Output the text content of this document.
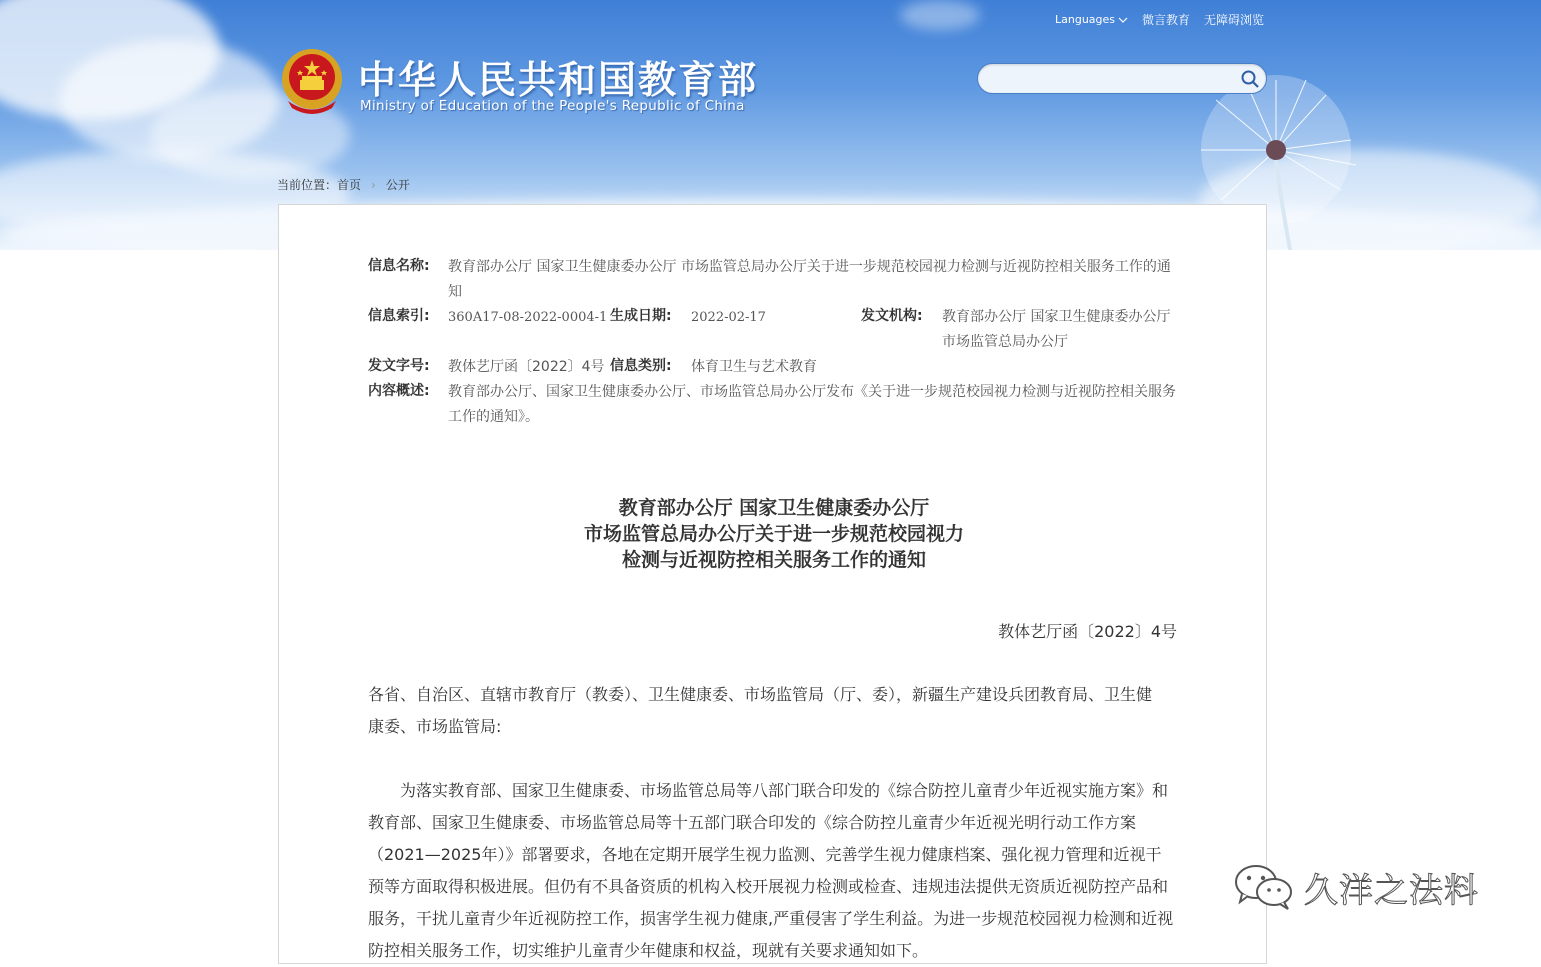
Languages 微言教育 无障碍浏览
中华人民共和国教育部
Ministry of Education of the People's Republic of China
当前位置： 首页 › 公开
信息名称: 教育部办公厅 国家卫生健康委办公厅 市场监管总局办公厅关于进一步规范校园视力检测与近视防控相关服务工作的通
知
信息索引: 360A17-08-2022-0004-1 生成日期: 2022-02-17	发文机构: 教育部办公厅 国家卫生健康委办公厅
市场监管总局办公厅
发文字号: 教体艺厅函〔2022〕4号 信息类别: 体育卫生与艺术教育
内容概述: 教育部办公厅、国家卫生健康委办公厅、市场监管总局办公厅发布《关于进一步规范校园视力检测与近视防控相关服务
工作的通知》。
教育部办公厅 国家卫生健康委办公厅
市场监管总局办公厅关于进一步规范校园视力
检测与近视防控相关服务工作的通知
教体艺厅函〔2022〕4号
各省、自治区、直辖市教育厅（教委）、卫生健康委、市场监管局（厅、委），新疆生产建设兵团教育局、卫生健
康委、市场监管局:
　　为落实教育部、国家卫生健康委、市场监管总局等八部门联合印发的《综合防控儿童青少年近视实施方案》和
教育部、国家卫生健康委、市场监管总局等十五部门联合印发的《综合防控儿童青少年近视光明行动工作方案
（2021—2025年）》部署要求，各地在定期开展学生视力监测、完善学生视力健康档案、强化视力管理和近视干
预等方面取得积极进展。但仍有不具备资质的机构入校开展视力检测或检查、违规违法提供无资质近视防控产品和
服务，干扰儿童青少年近视防控工作，损害学生视力健康,严重侵害了学生利益。为进一步规范校园视力检测和近视
防控相关服务工作，切实维护儿童青少年健康和权益，现就有关要求通知如下。
久洋之法料
